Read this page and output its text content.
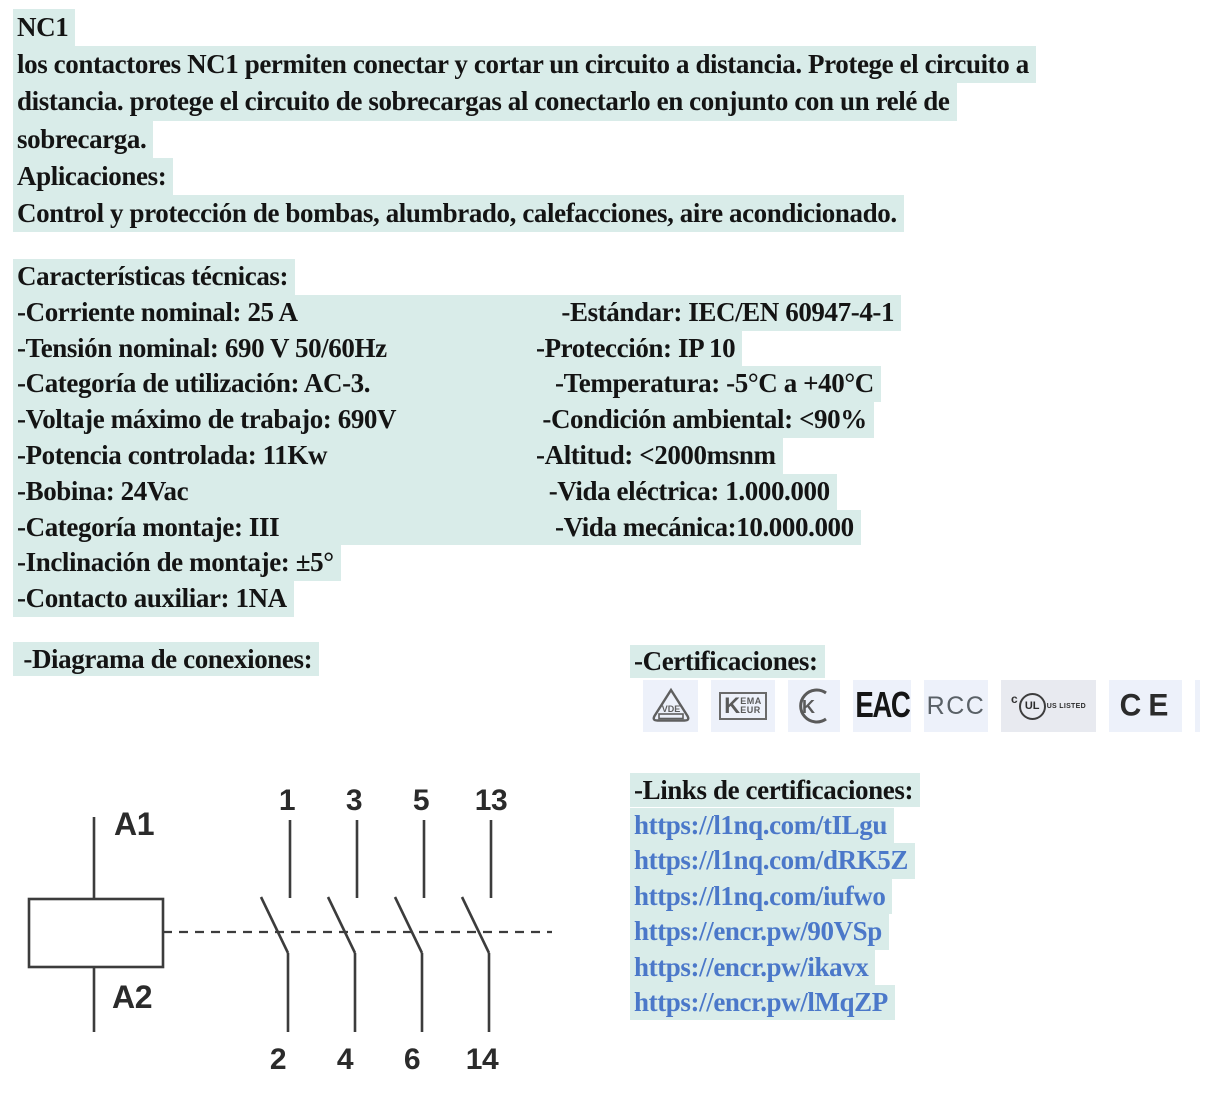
NC1
los contactores NC1 permiten conectar y cortar un circuito a distancia. Protege el circuito a
distancia. protege el circuito de sobrecargas al conectarlo en conjunto con un relé de
sobrecarga.
Aplicaciones:
Control y protección de bombas, alumbrado, calefacciones, aire acondicionado.
Características técnicas:
-Corriente nominal: 25 A	-Estándar: IEC/EN 60947-4-1
-Tensión nominal: 690 V 50/60Hz	-Protección: IP 10
-Categoría de utilización: AC-3.	-Temperatura: -5°C a +40°C
-Voltaje máximo de trabajo: 690V	-Condición ambiental: <90%
-Potencia controlada: 11Kw	-Altitud: <2000msnm
-Bobina: 24Vac	-Vida eléctrica: 1.000.000
-Categoría montaje: III	-Vida mecánica:10.000.000
-Inclinación de montaje: ±5°
-Contacto auxiliar: 1NA
-Diagrama de conexiones:	-Certificaciones:
VDE K EMA
EUR K EAC RCC c UL US LISTED CE
-Links de certificaciones:
https://l1nq.com/tILgu
https://l1nq.com/dRK5Z
https://l1nq.com/iufwo
https://encr.pw/90VSp
https://encr.pw/ikavx
https://encr.pw/lMqZP
A1
A2
1 3 5 13
2 4 6 14
